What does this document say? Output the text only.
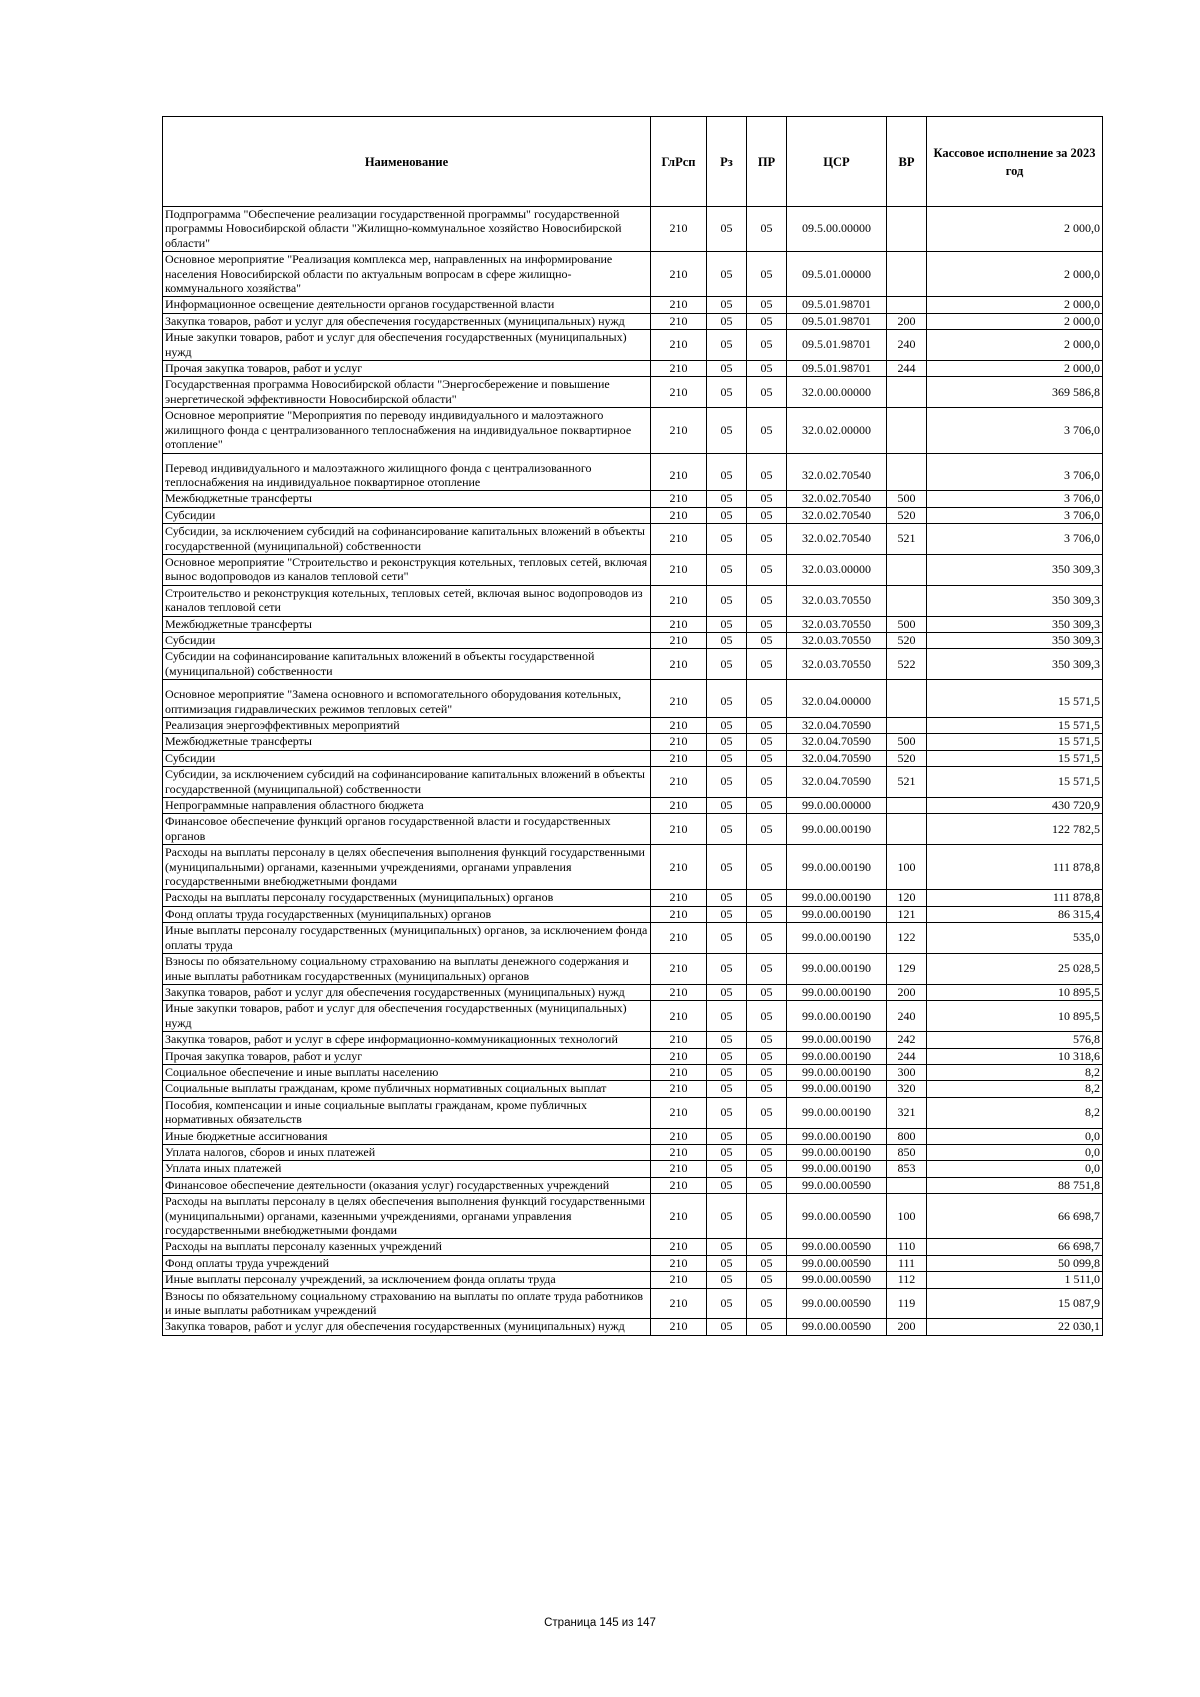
Наименование	ГлРсп	Рз	ПР	ЦСР	ВР	Кассовое исполнение за 2023 год
Подпрограмма "Обеспечение реализации государственной программы" государственной программы Новосибирской области "Жилищно-коммунальное хозяйство Новосибирской области"	210	05	05	09.5.00.00000		2 000,0
Основное мероприятие "Реализация комплекса мер, направленных на информирование населения Новосибирской области по актуальным вопросам в сфере жилищно-коммунального хозяйства"	210	05	05	09.5.01.00000		2 000,0
Информационное освещение деятельности органов государственной власти	210	05	05	09.5.01.98701		2 000,0
Закупка товаров, работ и услуг для обеспечения государственных (муниципальных) нужд	210	05	05	09.5.01.98701	200	2 000,0
Иные закупки товаров, работ и услуг для обеспечения государственных (муниципальных) нужд	210	05	05	09.5.01.98701	240	2 000,0
Прочая закупка товаров, работ и услуг	210	05	05	09.5.01.98701	244	2 000,0
Государственная программа Новосибирской области "Энергосбережение и повышение энергетической эффективности Новосибирской области"	210	05	05	32.0.00.00000		369 586,8
Основное мероприятие "Мероприятия по переводу индивидуального и малоэтажного жилищного фонда с централизованного теплоснабжения на индивидуальное поквартирное отопление"	210	05	05	32.0.02.00000		3 706,0
Перевод индивидуального и малоэтажного жилищного фонда с централизованного теплоснабжения на индивидуальное поквартирное отопление	210	05	05	32.0.02.70540		3 706,0
Межбюджетные трансферты	210	05	05	32.0.02.70540	500	3 706,0
Субсидии	210	05	05	32.0.02.70540	520	3 706,0
Субсидии, за исключением субсидий на софинансирование капитальных вложений в объекты государственной (муниципальной) собственности	210	05	05	32.0.02.70540	521	3 706,0
Основное мероприятие "Строительство и реконструкция котельных, тепловых сетей, включая вынос водопроводов из каналов тепловой сети"	210	05	05	32.0.03.00000		350 309,3
Строительство и реконструкция котельных, тепловых сетей, включая вынос водопроводов из каналов тепловой сети	210	05	05	32.0.03.70550		350 309,3
Межбюджетные трансферты	210	05	05	32.0.03.70550	500	350 309,3
Субсидии	210	05	05	32.0.03.70550	520	350 309,3
Субсидии на софинансирование капитальных вложений в объекты государственной (муниципальной) собственности	210	05	05	32.0.03.70550	522	350 309,3
Основное мероприятие "Замена основного и вспомогательного оборудования котельных, оптимизация гидравлических режимов тепловых сетей"	210	05	05	32.0.04.00000		15 571,5
Реализация энергоэффективных мероприятий	210	05	05	32.0.04.70590		15 571,5
Межбюджетные трансферты	210	05	05	32.0.04.70590	500	15 571,5
Субсидии	210	05	05	32.0.04.70590	520	15 571,5
Субсидии, за исключением субсидий на софинансирование капитальных вложений в объекты государственной (муниципальной) собственности	210	05	05	32.0.04.70590	521	15 571,5
Непрограммные направления областного бюджета	210	05	05	99.0.00.00000		430 720,9
Финансовое обеспечение функций органов государственной власти и государственных органов	210	05	05	99.0.00.00190		122 782,5
Расходы на выплаты персоналу в целях обеспечения выполнения функций государственными (муниципальными) органами, казенными учреждениями, органами управления государственными внебюджетными фондами	210	05	05	99.0.00.00190	100	111 878,8
Расходы на выплаты персоналу государственных (муниципальных) органов	210	05	05	99.0.00.00190	120	111 878,8
Фонд оплаты труда государственных (муниципальных) органов	210	05	05	99.0.00.00190	121	86 315,4
Иные выплаты персоналу государственных (муниципальных) органов, за исключением фонда оплаты труда	210	05	05	99.0.00.00190	122	535,0
Взносы по обязательному социальному страхованию на выплаты денежного содержания и иные выплаты работникам государственных (муниципальных) органов	210	05	05	99.0.00.00190	129	25 028,5
Закупка товаров, работ и услуг для обеспечения государственных (муниципальных) нужд	210	05	05	99.0.00.00190	200	10 895,5
Иные закупки товаров, работ и услуг для обеспечения государственных (муниципальных) нужд	210	05	05	99.0.00.00190	240	10 895,5
Закупка товаров, работ и услуг в сфере информационно-коммуникационных технологий	210	05	05	99.0.00.00190	242	576,8
Прочая закупка товаров, работ и услуг	210	05	05	99.0.00.00190	244	10 318,6
Социальное обеспечение и иные выплаты населению	210	05	05	99.0.00.00190	300	8,2
Социальные выплаты гражданам, кроме публичных нормативных социальных выплат	210	05	05	99.0.00.00190	320	8,2
Пособия, компенсации и иные социальные выплаты гражданам, кроме публичных нормативных обязательств	210	05	05	99.0.00.00190	321	8,2
Иные бюджетные ассигнования	210	05	05	99.0.00.00190	800	0,0
Уплата налогов, сборов и иных платежей	210	05	05	99.0.00.00190	850	0,0
Уплата иных платежей	210	05	05	99.0.00.00190	853	0,0
Финансовое обеспечение деятельности (оказания услуг) государственных учреждений	210	05	05	99.0.00.00590		88 751,8
Расходы на выплаты персоналу в целях обеспечения выполнения функций государственными (муниципальными) органами, казенными учреждениями, органами управления государственными внебюджетными фондами	210	05	05	99.0.00.00590	100	66 698,7
Расходы на выплаты персоналу казенных учреждений	210	05	05	99.0.00.00590	110	66 698,7
Фонд оплаты труда учреждений	210	05	05	99.0.00.00590	111	50 099,8
Иные выплаты персоналу учреждений, за исключением фонда оплаты труда	210	05	05	99.0.00.00590	112	1 511,0
Взносы по обязательному социальному страхованию на выплаты по оплате труда работников и иные выплаты работникам учреждений	210	05	05	99.0.00.00590	119	15 087,9
Закупка товаров, работ и услуг для обеспечения государственных (муниципальных) нужд	210	05	05	99.0.00.00590	200	22 030,1
Страница 145 из 147
